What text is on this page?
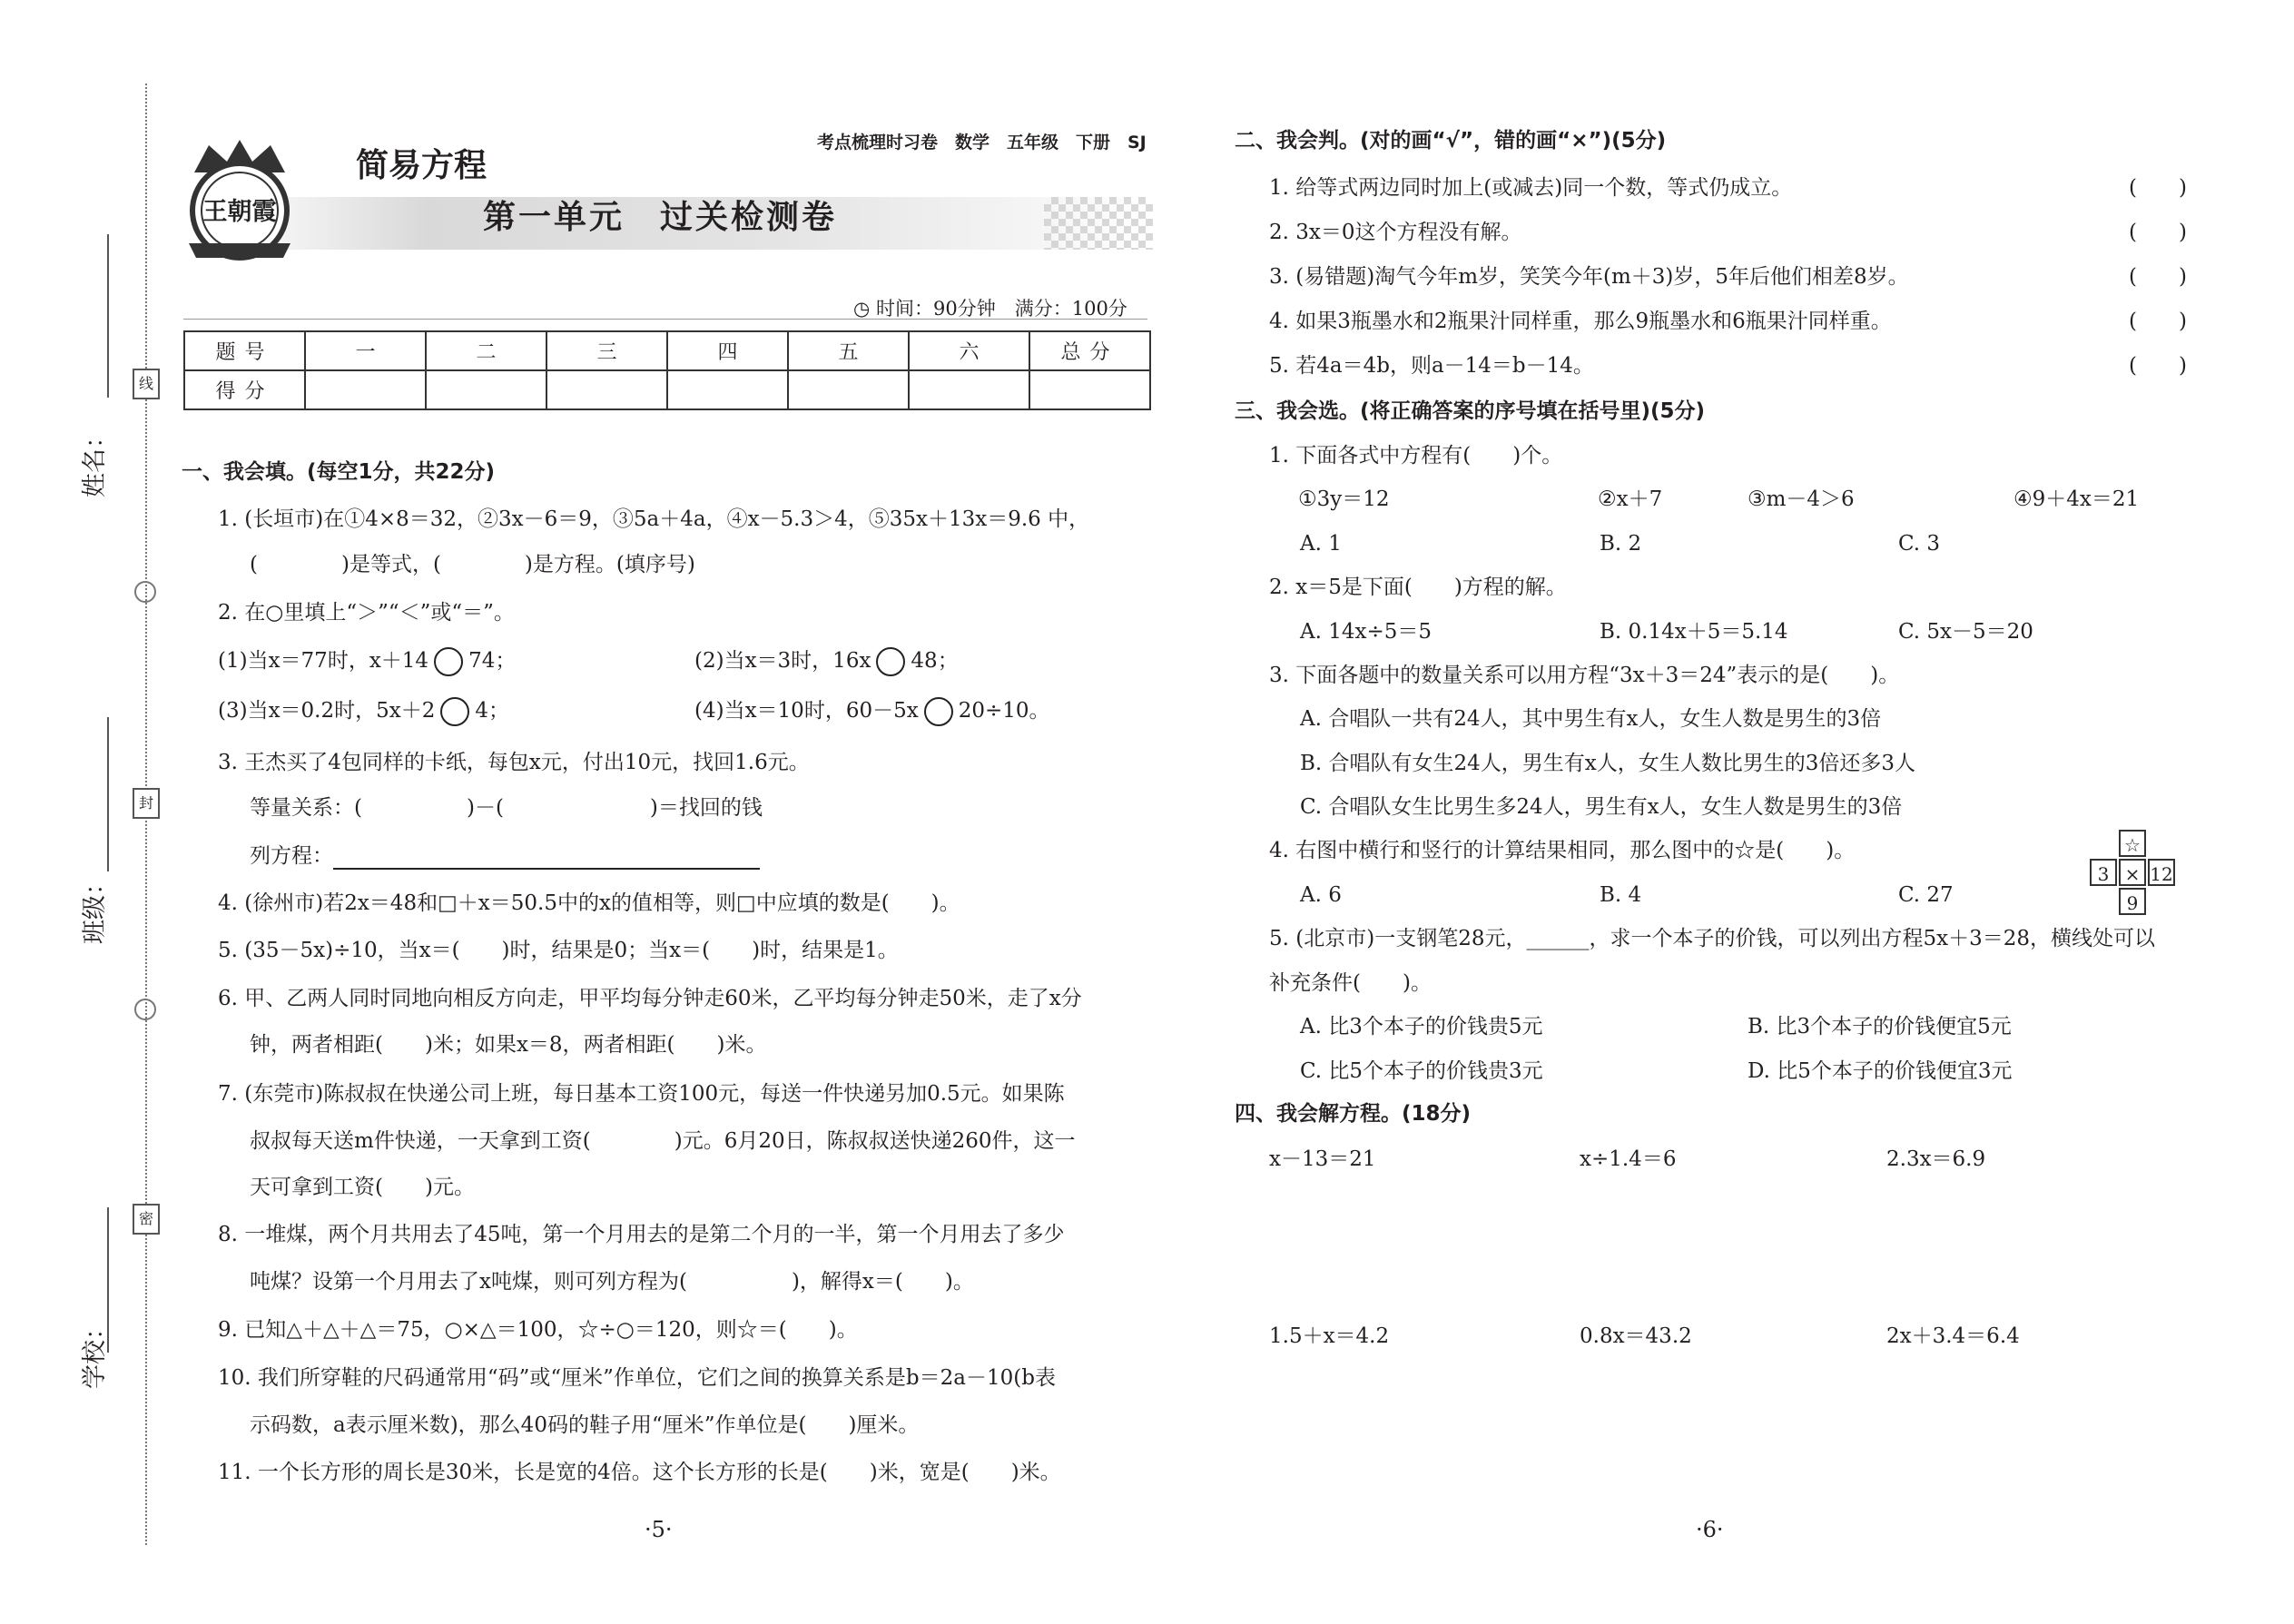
姓名：
班级：
学校：
线
封
密
王朝霞
简易方程
第一单元　过关检测卷
考点梳理时习卷　数学　五年级　下册　SJ
◷ 时间：90分钟　满分：100分
题号	一	二	三	四	五	六	总分
得分							
一、我会填。(每空1分，共22分)
1. (长垣市)在①4×8＝32，②3x－6＝9，③5a＋4a，④x－5.3＞4，⑤35x＋13x＝9.6 中，
(　　　　)是等式，(　　　　)是方程。(填序号)
2. 在○里填上“＞”“＜”或“＝”。
(1)当x＝77时，x＋14 74；	(2)当x＝3时，16x 48；
(3)当x＝0.2时，5x＋2 4；	(4)当x＝10时，60－5x 20÷10。
3. 王杰买了4包同样的卡纸，每包x元，付出10元，找回1.6元。
等量关系：(　　　　　)－(　　　　　　　)＝找回的钱
列方程：
4. (徐州市)若2x＝48和□＋x＝50.5中的x的值相等，则□中应填的数是(　　)。
5. (35－5x)÷10，当x＝(　　)时，结果是0；当x＝(　　)时，结果是1。
6. 甲、乙两人同时同地向相反方向走，甲平均每分钟走60米，乙平均每分钟走50米，走了x分
钟，两者相距(　　)米；如果x＝8，两者相距(　　)米。
7. (东莞市)陈叔叔在快递公司上班，每日基本工资100元，每送一件快递另加0.5元。如果陈
叔叔每天送m件快递，一天拿到工资(　　　　)元。6月20日，陈叔叔送快递260件，这一
天可拿到工资(　　)元。
8. 一堆煤，两个月共用去了45吨，第一个月用去的是第二个月的一半，第一个月用去了多少
吨煤？设第一个月用去了x吨煤，则可列方程为(　　　　　)，解得x＝(　　)。
9. 已知△＋△＋△＝75，○×△＝100，☆÷○＝120，则☆＝(　　)。
10. 我们所穿鞋的尺码通常用“码”或“厘米”作单位，它们之间的换算关系是b＝2a－10(b表
示码数，a表示厘米数)，那么40码的鞋子用“厘米”作单位是(　　)厘米。
11. 一个长方形的周长是30米，长是宽的4倍。这个长方形的长是(　　)米，宽是(　　)米。
·5·
二、我会判。(对的画“√”，错的画“×”)(5分)
1. 给等式两边同时加上(或减去)同一个数，等式仍成立。
2. 3x＝0这个方程没有解。
3. (易错题)淘气今年m岁，笑笑今年(m＋3)岁，5年后他们相差8岁。
4. 如果3瓶墨水和2瓶果汁同样重，那么9瓶墨水和6瓶果汁同样重。
5. 若4a＝4b，则a－14＝b－14。
(　　)
(　　)
(　　)
(　　)
(　　)
三、我会选。(将正确答案的序号填在括号里)(5分)
1. 下面各式中方程有(　　)个。
①3y＝12	②x＋7	③m－4＞6	④9＋4x＝21
A. 1	B. 2	C. 3
2. x＝5是下面(　　)方程的解。
A. 14x÷5＝5	B. 0.14x＋5＝5.14	C. 5x－5＝20
3. 下面各题中的数量关系可以用方程“3x＋3＝24”表示的是(　　)。
A. 合唱队一共有24人，其中男生有x人，女生人数是男生的3倍
B. 合唱队有女生24人，男生有x人，女生人数比男生的3倍还多3人
C. 合唱队女生比男生多24人，男生有x人，女生人数是男生的3倍
4. 右图中横行和竖行的计算结果相同，那么图中的☆是(　　)。
A. 6	B. 4	C. 27
☆
3 × 12
9
5. (北京市)一支钢笔28元，______，求一个本子的价钱，可以列出方程5x＋3＝28，横线处可以
补充条件(　　)。
A. 比3个本子的价钱贵5元	B. 比3个本子的价钱便宜5元
C. 比5个本子的价钱贵3元	D. 比5个本子的价钱便宜3元
四、我会解方程。(18分)
x－13＝21	x÷1.4＝6	2.3x＝6.9
1.5＋x＝4.2	0.8x＝43.2	2x＋3.4＝6.4
·6·
